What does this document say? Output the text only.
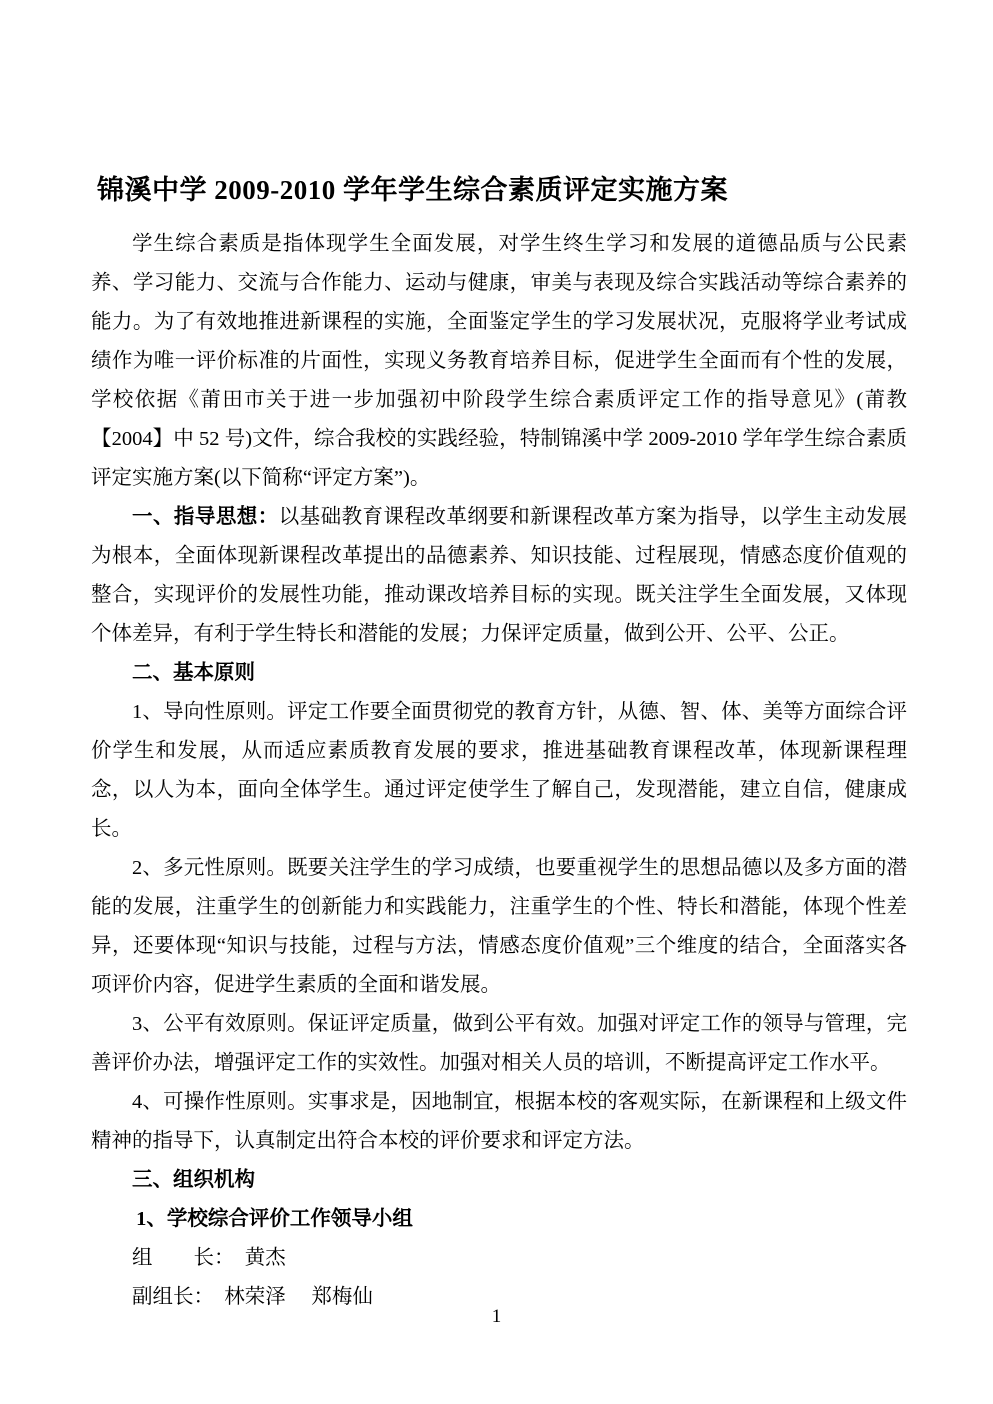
锦溪中学 2009-2010 学年学生综合素质评定实施方案

学生综合素质是指体现学生全面发展，对学生终生学习和发展的道德品质与公民素养、学习能力、交流与合作能力、运动与健康，审美与表现及综合实践活动等综合素养的能力。为了有效地推进新课程的实施，全面鉴定学生的学习发展状况，克服将学业考试成绩作为唯一评价标准的片面性，实现义务教育培养目标，促进学生全面而有个性的发展，学校依据《莆田市关于进一步加强初中阶段学生综合素质评定工作的指导意见》(莆教【2004】中 52 号)文件，综合我校的实践经验，特制锦溪中学 2009-2010 学年学生综合素质评定实施方案(以下简称“评定方案”)。

一、指导思想：以基础教育课程改革纲要和新课程改革方案为指导，以学生主动发展为根本，全面体现新课程改革提出的品德素养、知识技能、过程展现，情感态度价值观的整合，实现评价的发展性功能，推动课改培养目标的实现。既关注学生全面发展，又体现个体差异，有利于学生特长和潜能的发展；力保评定质量，做到公开、公平、公正。

二、基本原则

1、导向性原则。评定工作要全面贯彻党的教育方针，从德、智、体、美等方面综合评价学生和发展，从而适应素质教育发展的要求，推进基础教育课程改革，体现新课程理念，以人为本，面向全体学生。通过评定使学生了解自己，发现潜能，建立自信，健康成长。

2、多元性原则。既要关注学生的学习成绩，也要重视学生的思想品德以及多方面的潜能的发展，注重学生的创新能力和实践能力，注重学生的个性、特长和潜能，体现个性差异，还要体现“知识与技能，过程与方法，情感态度价值观”三个维度的结合，全面落实各项评价内容，促进学生素质的全面和谐发展。

3、公平有效原则。保证评定质量，做到公平有效。加强对评定工作的领导与管理，完善评价办法，增强评定工作的实效性。加强对相关人员的培训，不断提高评定工作水平。

4、可操作性原则。实事求是，因地制宜，根据本校的客观实际，在新课程和上级文件精神的指导下，认真制定出符合本校的评价要求和评定方法。

三、组织机构

1、学校综合评价工作领导小组

组　　长：　黄杰

副组长：　林荣泽　 郑梅仙

1
